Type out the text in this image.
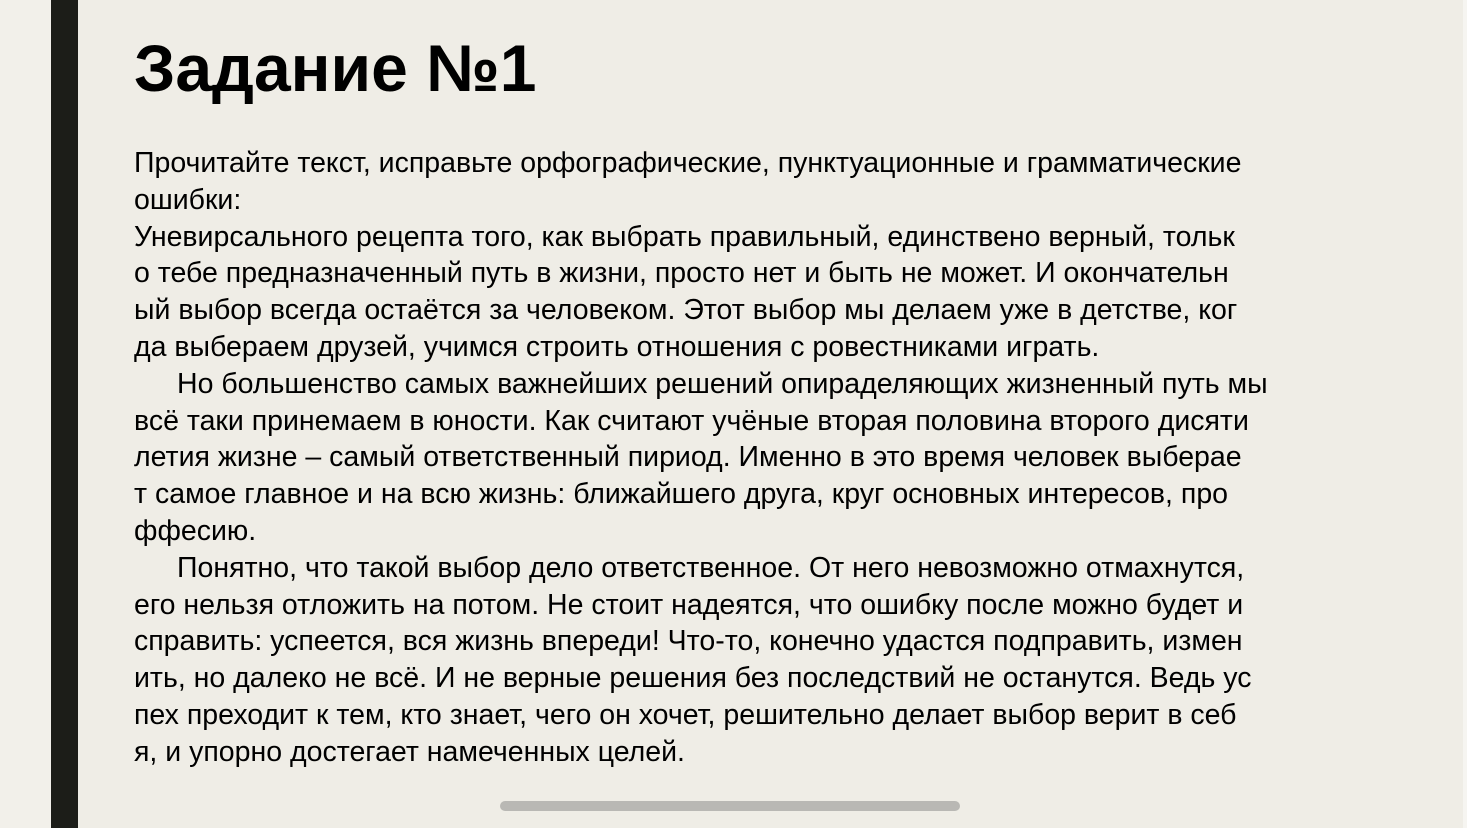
Задание №1
Прочитайте текст, исправьте орфографические, пунктуационные и грамматические
ошибки:
Уневирсального рецепта того, как выбрать правильный, единствено верный, тольк
о тебе предназначенный путь в жизни, просто нет и быть не может. И окончательн
ый выбор всегда остаётся за человеком. Этот выбор мы делаем уже в детстве, ког
да выбераем друзей, учимся строить отношения с ровестниками играть.
Но большенство самых важнейших решений опираделяющих жизненный путь мы
всё таки принемаем в юности. Как считают учёные вторая половина второго дисяти
летия жизне – самый ответственный пириод. Именно в это время человек выберае
т самое главное и на всю жизнь: ближайшего друга, круг основных интересов, про
ффесию.
Понятно, что такой выбор дело ответственное. От него невозможно отмахнутся,
его нельзя отложить на потом. Не стоит надеятся, что ошибку после можно будет и
справить: успеется, вся жизнь впереди! Что-то, конечно удастся подправить, измен
ить, но далеко не всё. И не верные решения без последствий не останутся. Ведь ус
пех преходит к тем, кто знает, чего он хочет, решительно делает выбор верит в себ
я, и упорно достегает намеченных целей.
